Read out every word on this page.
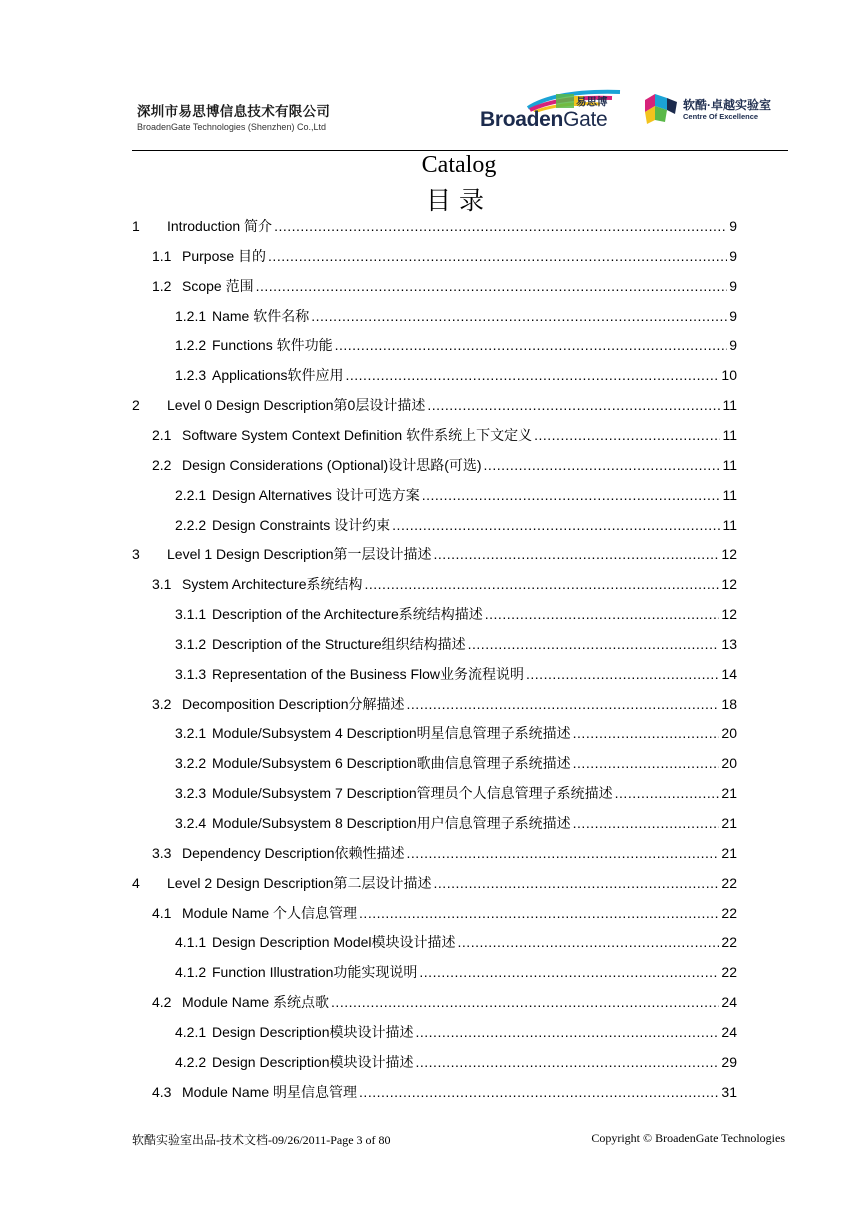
深圳市易思博信息技术有限公司
BroadenGate Technologies (Shenzhen) Co.,Ltd
易思博
BroadenGate
软酷·卓越实验室
Centre Of Excellence
Catalog
目录
1	Introduction 简介 .....	9
1.1 Purpose 目的 .....	9
1.2 Scope 范围 .....	9
1.2.1 Name 软件名称 .....	9
1.2.2 Functions 软件功能 .....	9
1.2.3 Applications软件应用 .....	10
2	Level 0 Design Description第0层设计描述 .....	11
2.1 Software System Context Definition 软件系统上下文定义 .....	11
2.2 Design Considerations (Optional)设计思路(可选) .....	11
2.2.1 Design Alternatives 设计可选方案 .....	11
2.2.2 Design Constraints 设计约束 .....	11
3	Level 1 Design Description第一层设计描述 .....	12
3.1 System Architecture系统结构 .....	12
3.1.1 Description of the Architecture系统结构描述 .....	12
3.1.2 Description of the Structure组织结构描述 .....	13
3.1.3 Representation of the Business Flow业务流程说明 .....	14
3.2 Decomposition Description分解描述 .....	18
3.2.1 Module/Subsystem 4 Description明星信息管理子系统描述 .....	20
3.2.2 Module/Subsystem 6 Description歌曲信息管理子系统描述 .....	20
3.2.3 Module/Subsystem 7 Description管理员个人信息管理子系统描述 .....	21
3.2.4 Module/Subsystem 8 Description用户信息管理子系统描述 .....	21
3.3 Dependency Description依赖性描述 .....	21
4	Level 2 Design Description第二层设计描述 .....	22
4.1 Module Name 个人信息管理 .....	22
4.1.1 Design Description Model模块设计描述 .....	22
4.1.2 Function Illustration功能实现说明 .....	22
4.2 Module Name 系统点歌 .....	24
4.2.1 Design Description模块设计描述 .....	24
4.2.2 Design Description模块设计描述 .....	29
4.3 Module Name 明星信息管理 .....	31
软酷实验室出品-技术文档-09/26/2011-Page 3 of 80	Copyright © BroadenGate Technologies
